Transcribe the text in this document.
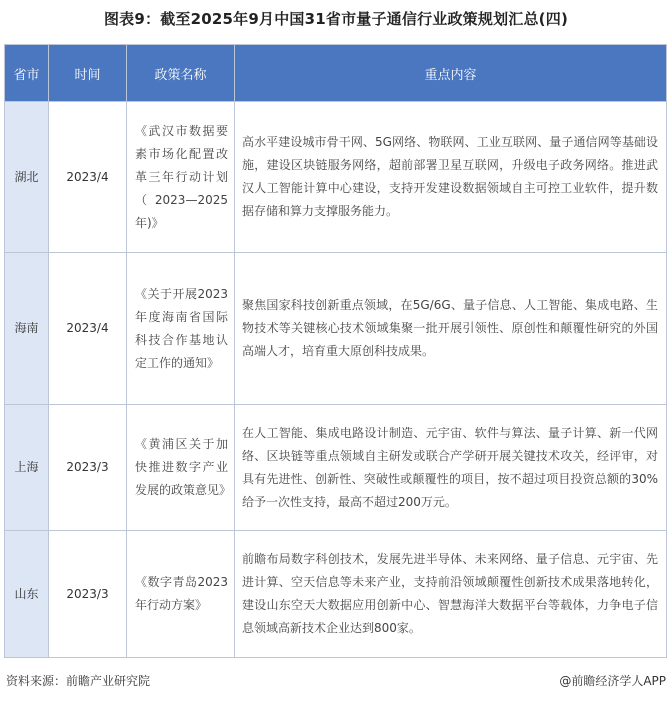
图表9：截至2025年9月中国31省市量子通信行业政策规划汇总(四)
省市	时间	政策名称	重点内容
湖北	2023/4	《武汉市数据要素市场化配置改革三年行动计划（2023—2025年)》	高水平建设城市骨干网、5G网络、物联网、工业互联网、量子通信网等基础设施，建设区块链服务网络，超前部署卫星互联网，升级电子政务网络。推进武汉人工智能计算中心建设，支持开发建设数据领域自主可控工业软件，提升数据存储和算力支撑服务能力。
海南	2023/4	《关于开展2023年度海南省国际科技合作基地认定工作的通知》	聚焦国家科技创新重点领域，在5G/6G、量子信息、人工智能、集成电路、生物技术等关键核心技术领域集聚一批开展引领性、原创性和颠覆性研究的外国高端人才，培育重大原创科技成果。
上海	2023/3	《黄浦区关于加快推进数字产业发展的政策意见》	在人工智能、集成电路设计制造、元宇宙、软件与算法、量子计算、新一代网络、区块链等重点领域自主研发或联合产学研开展关键技术攻关，经评审，对具有先进性、创新性、突破性或颠覆性的项目，按不超过项目投资总额的30%给予一次性支持，最高不超过200万元。
山东	2023/3	《数字青岛2023年行动方案》	前瞻布局数字科创技术，发展先进半导体、未来网络、量子信息、元宇宙、先进计算、空天信息等未来产业，支持前沿领域颠覆性创新技术成果落地转化，建设山东空天大数据应用创新中心、智慧海洋大数据平台等载体，力争电子信息领域高新技术企业达到800家。
资料来源：前瞻产业研究院	@前瞻经济学人APP
